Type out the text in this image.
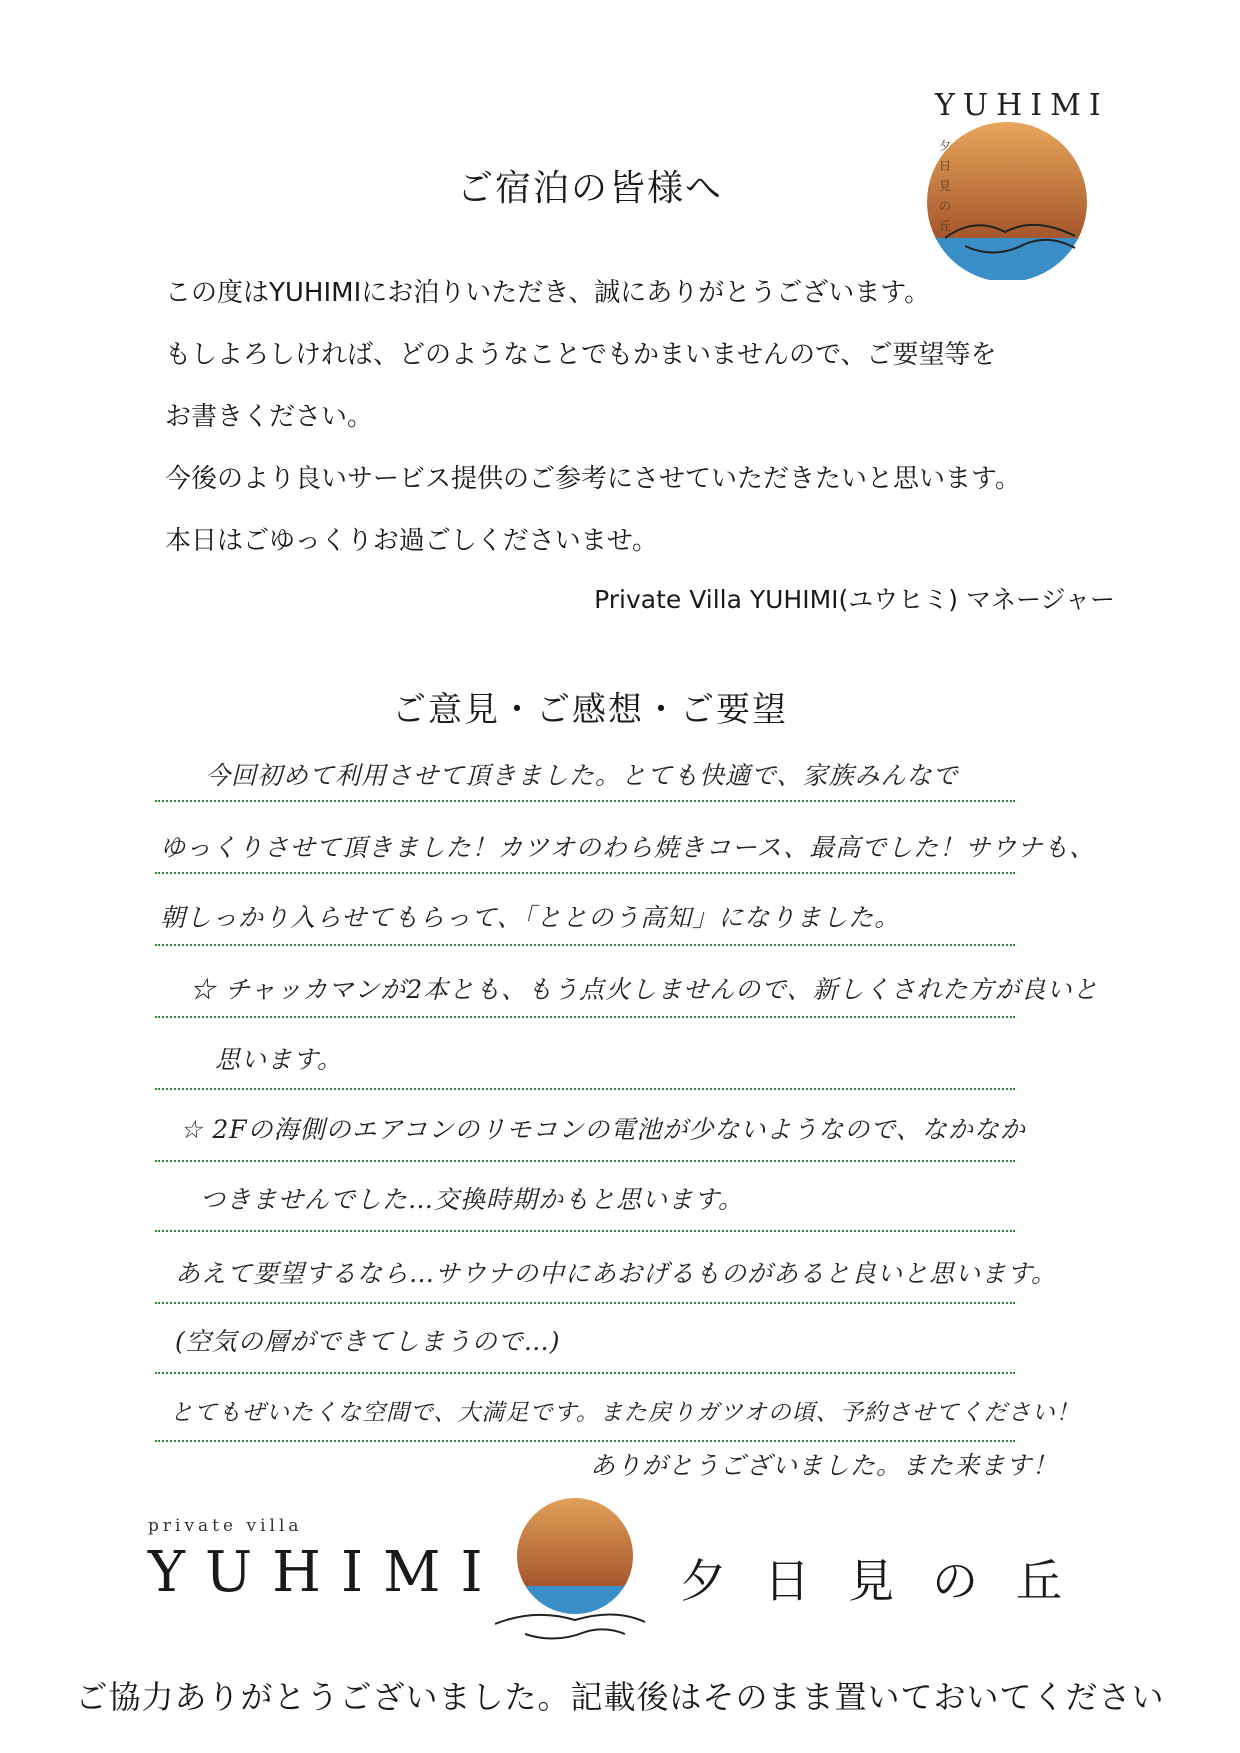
YUHIMI
夕
日
見
の
丘
ご宿泊の皆様へ

この度はYUHIMIにお泊りいただき、誠にありがとうございます。

もしよろしければ、どのようなことでもかまいませんので、ご要望等を

お書きください。

今後のより良いサービス提供のご参考にさせていただきたいと思います。

本日はごゆっくりお過ごしくださいませ。

Private Villa YUHIMI(ユウヒミ) マネージャー
ご意見・ご感想・ご要望

今回初めて利用させて頂きました。とても快適で、家族みんなで

ゆっくりさせて頂きました！カツオのわら焼きコース、最高でした！サウナも、

朝しっかり入らせてもらって、「ととのう高知」になりました。

☆ チャッカマンが2本とも、もう点火しませんので、新しくされた方が良いと

思います。

☆ 2Fの海側のエアコンのリモコンの電池が少ないようなので、なかなか

つきませんでした…交換時期かもと思います。

あえて要望するなら…サウナの中にあおげるものがあると良いと思います。

(空気の層ができてしまうので…)

とてもぜいたくな空間で、大満足です。また戻りガツオの頃、予約させてください！

ありがとうございました。また来ます！

private villa
YUHIMI	夕日見の丘
ご協力ありがとうございました。記載後はそのまま置いておいてください
